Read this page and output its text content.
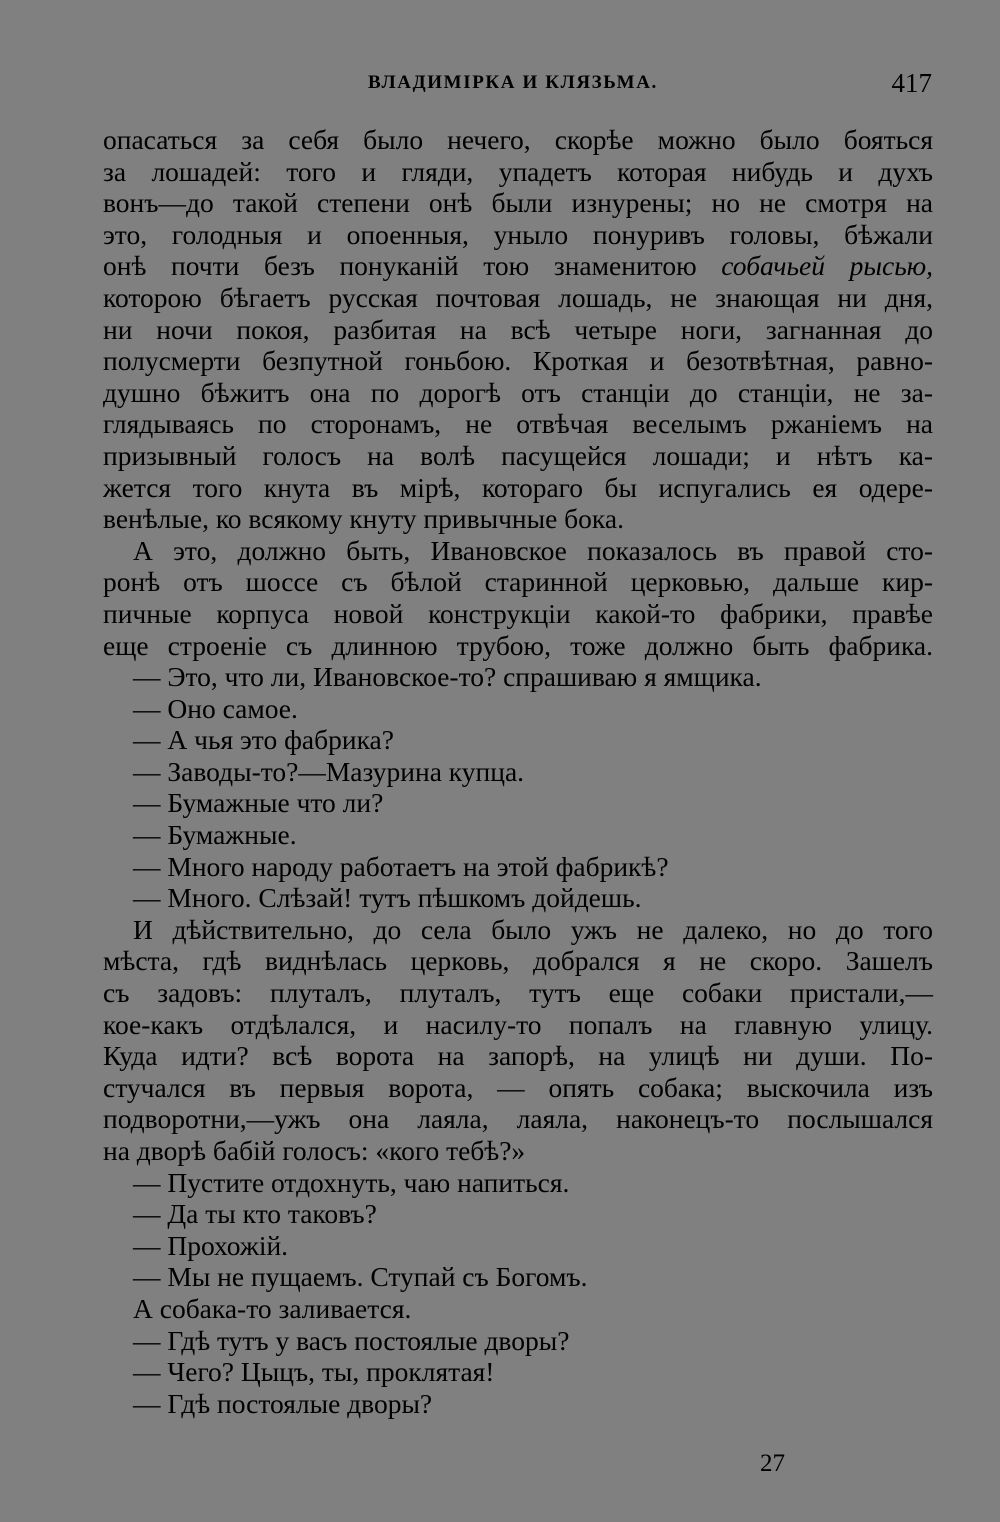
ВЛАДИМІРКА И КЛЯЗЬМА.	417
опасаться за себя было нечего, скорѣе можно было бояться
за лошадей: того и гляди, упадетъ которая нибудь и духъ
вонъ—до такой степени онѣ были изнурены; но не смотря на
это, голодныя и опоенныя, уныло понуривъ головы, бѣжали
онѣ почти безъ понуканій тою знаменитою собачьей рысью,
которою бѣгаетъ русская почтовая лошадь, не знающая ни дня,
ни ночи покоя, разбитая на всѣ четыре ноги, загнанная до
полусмерти безпутной гоньбою. Кроткая и безотвѣтная, равно-
душно бѣжитъ она по дорогѣ отъ станціи до станціи, не за-
глядываясь по сторонамъ, не отвѣчая веселымъ ржаніемъ на
призывный голосъ на волѣ пасущейся лошади; и нѣтъ ка-
жется того кнута въ мірѣ, котораго бы испугались ея одере-
венѣлые, ко всякому кнуту привычные бока.
А это, должно быть, Ивановское показалось въ правой сто-
ронѣ отъ шоссе съ бѣлой старинной церковью, дальше кир-
пичные корпуса новой конструкціи какой-то фабрики, правѣе
еще строеніе съ длинною трубою, тоже должно быть фабрика.
— Это, что ли, Ивановское-то? спрашиваю я ямщика.
— Оно самое.
— А чья это фабрика?
— Заводы-то?—Мазурина купца.
— Бумажные что ли?
— Бумажные.
— Много народу работаетъ на этой фабрикѣ?
— Много. Слѣзай! тутъ пѣшкомъ дойдешь.
И дѣйствительно, до села было ужъ не далеко, но до того
мѣста, гдѣ виднѣлась церковь, добрался я не скоро. Зашелъ
съ задовъ: плуталъ, плуталъ, тутъ еще собаки пристали,—
кое-какъ отдѣлался, и насилу-то попалъ на главную улицу.
Куда идти? всѣ ворота на запорѣ, на улицѣ ни души. По-
стучался въ первыя ворота, — опять собака; выскочила изъ
подворотни,—ужъ она лаяла, лаяла, наконецъ-то послышался
на дворѣ бабій голосъ: «кого тебѣ?»
— Пустите отдохнуть, чаю напиться.
— Да ты кто таковъ?
— Прохожій.
— Мы не пущаемъ. Ступай съ Богомъ.
А собака-то заливается.
— Гдѣ тутъ у васъ постоялые дворы?
— Чего? Цыцъ, ты, проклятая!
— Гдѣ постоялые дворы?
27
